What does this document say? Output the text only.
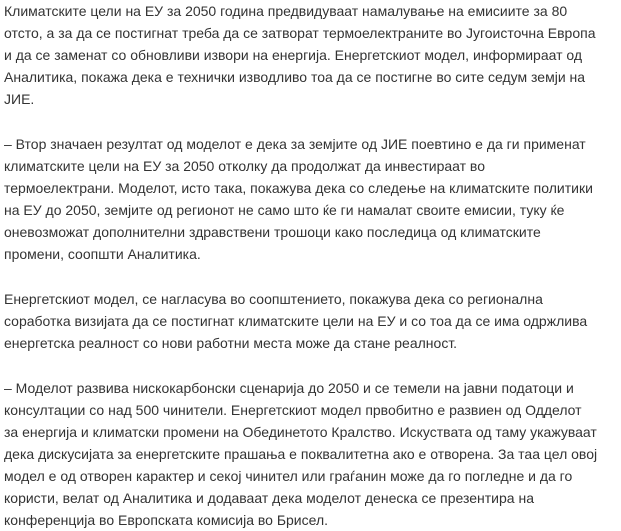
Климатските цели на ЕУ за 2050 година предвидуваат намалување на емисиите за 80
отсто, а за да се постигнат треба да се затворат термоелектраните во Југоисточна Европа
и да се заменат со обновливи извори на енергија. Енергетскиот модел, информираат од
Аналитика, покажа дека е технички изводливо тоа да се постигне во сите седум земји на
ЈИЕ.

– Втор значаен резултат од моделот е дека за земјите од ЈИЕ поевтино е да ги применат
климатските цели на ЕУ за 2050 отколку да продолжат да инвестираат во
термоелектрани. Моделот, исто така, покажува дека со следење на климатските политики
на ЕУ до 2050, земјите од регионот не само што ќе ги намалат своите емисии, туку ќе
оневозможат дополнителни здравствени трошоци како последица од климатските
промени, соопшти Аналитика.

Енергетскиот модел, се нагласува во соопштението, покажува дека со регионална
соработка визијата да се постигнат климатските цели на ЕУ и со тоа да се има одржлива
енергетска реалност со нови работни места може да стане реалност.

– Моделот развива нискокарбонски сценарија до 2050 и се темели на јавни податоци и
консултации со над 500 чинители. Енергетскиот модел првобитно е развиен од Одделот
за енергија и климатски промени на Обединетото Кралство. Искуствата од таму укажуваат
дека дискусијата за енергетските прашања е поквалитетна ако е отворена. За таа цел овој
модел е од отворен карактер и секој чинител или граѓанин може да го погледне и да го
користи, велат од Аналитика и додаваат дека моделот денеска се презентира на
конференција во Европската комисија во Брисел.
